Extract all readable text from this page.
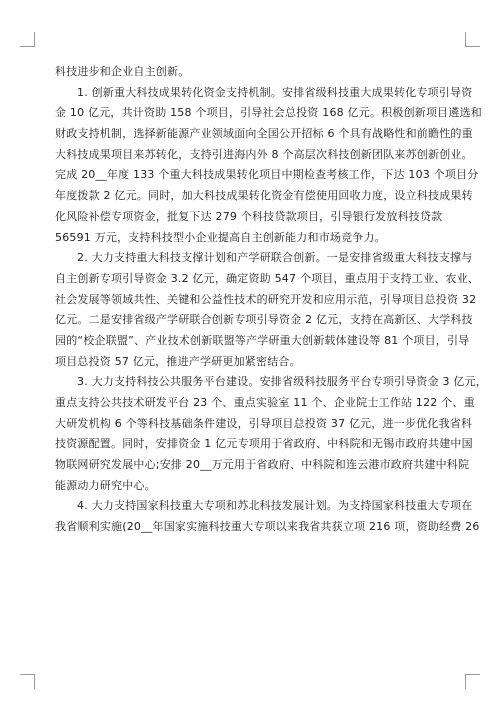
科技进步和企业自主创新。
1. 创新重大科技成果转化资金支持机制。安排省级科技重大成果转化专项引导资
金 10 亿元，共计资助 158 个项目，引导社会总投资 168 亿元。积极创新项目遴选和
财政支持机制，选择新能源产业领域面向全国公开招标 6 个具有战略性和前瞻性的重
大科技成果项目来苏转化，支持引进海内外 8 个高层次科技创新团队来苏创新创业。
完成 20__年度 133 个重大科技成果转化项目中期检查考核工作，下达 103 个项目分
年度拨款 2 亿元。同时，加大科技成果转化资金有偿使用回收力度，设立科技成果转
化风险补偿专项资金，批复下达 279 个科技贷款项目，引导银行发放科技贷款
56591 万元，支持科技型小企业提高自主创新能力和市场竞争力。
2. 大力支持重大科技支撑计划和产学研联合创新。一是安排省级重大科技支撑与
自主创新专项引导资金 3.2 亿元，确定资助 547 个项目，重点用于支持工业、农业、
社会发展等领域共性、关键和公益性技术的研究开发和应用示范，引导项目总投资 32
亿元。二是安排省级产学研联合创新专项引导资金 2 亿元，支持在高新区、大学科技
园的“校企联盟”、产业技术创新联盟等产学研重大创新载体建设等 81 个项目，引导
项目总投资 57 亿元，推进产学研更加紧密结合。
3. 大力支持科技公共服务平台建设。安排省级科技服务平台专项引导资金 3 亿元，
重点支持公共技术研发平台 23 个、重点实验室 11 个、企业院士工作站 122 个、重
大研发机构 6 个等科技基础条件建设，引导项目总投资 37 亿元，进一步优化我省科
技资源配置。同时，安排资金 1 亿元专项用于省政府、中科院和无锡市政府共建中国
物联网研究发展中心;安排 20__万元用于省政府、中科院和连云港市政府共建中科院
能源动力研究中心。
4. 大力支持国家科技重大专项和苏北科技发展计划。为支持国家科技重大专项在
我省顺利实施(20__年国家实施科技重大专项以来我省共获立项 216 项，资助经费 26
